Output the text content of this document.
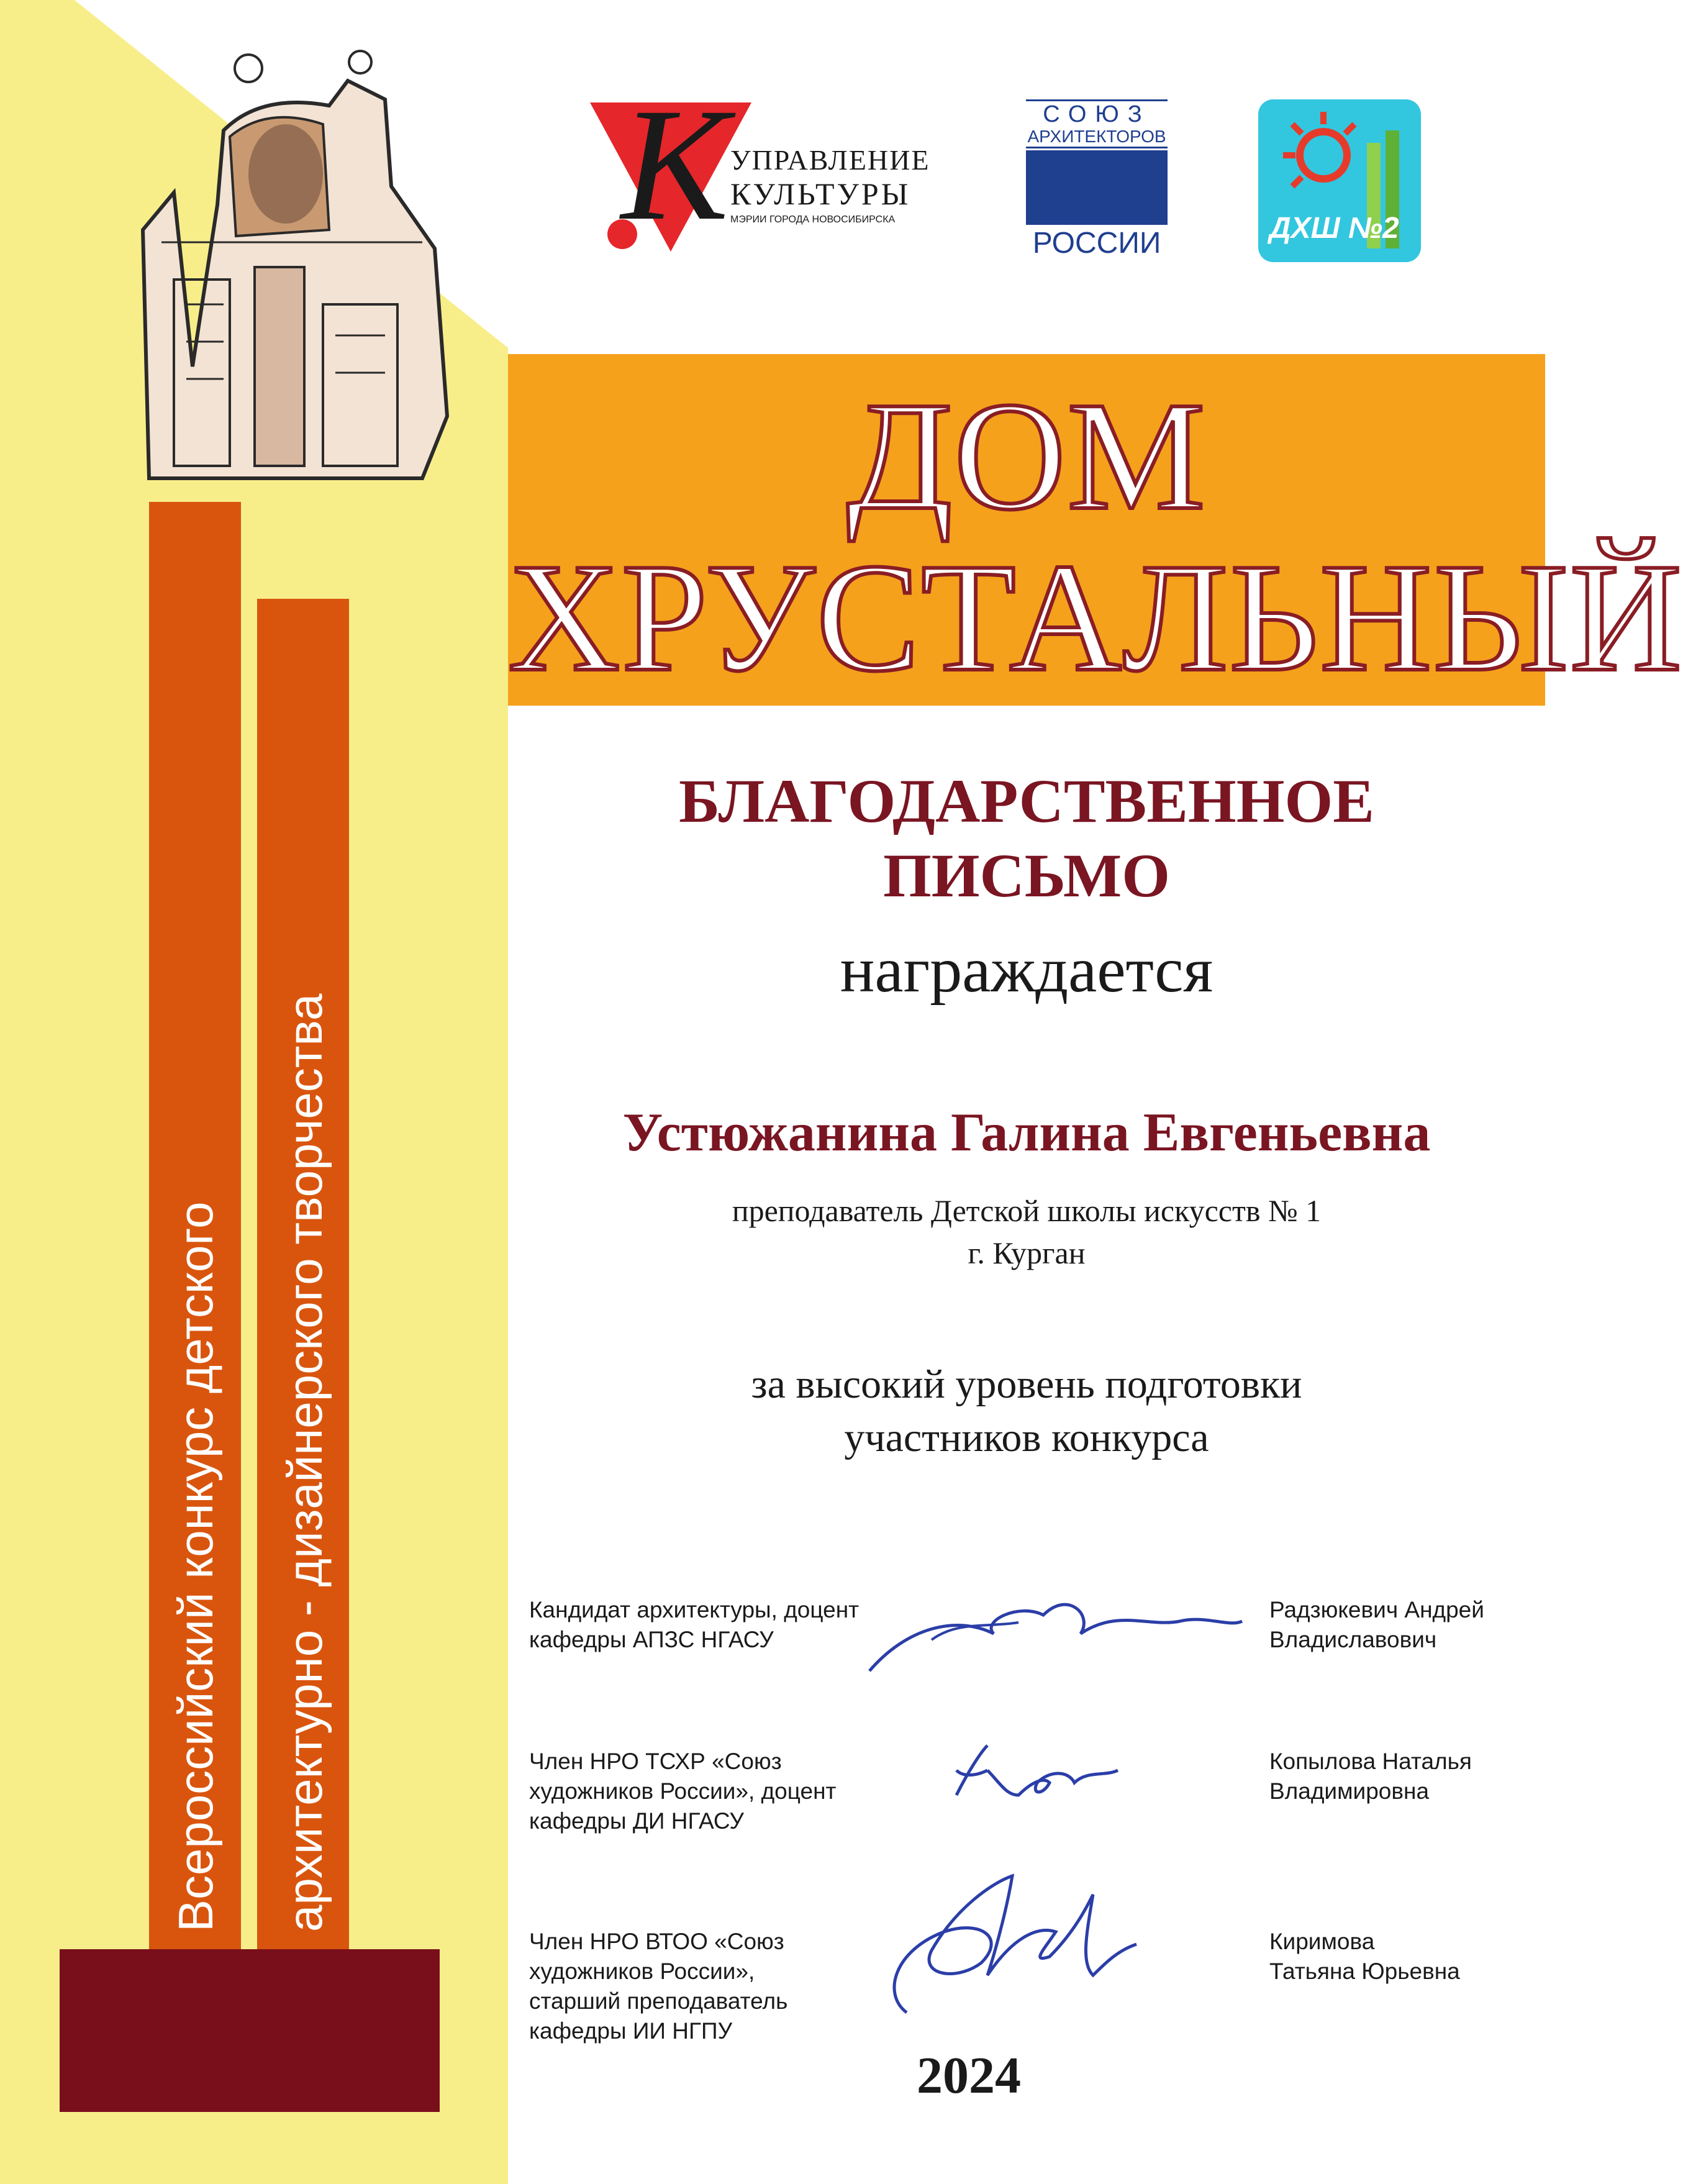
Всероссийский конкурс детского архитектурно - дизайнерского творчества
К УПРАВЛЕНИЕ
КУЛЬТУРЫ
МЭРИИ ГОРОДА НОВОСИБИРСКА
СОЮЗ
АРХИТЕКТОРОВ
РОССИИ	ДХШ №2
ДОМ
ХРУСТАЛЬНЫЙ
БЛАГОДАРСТВЕННОЕ
ПИСЬМО
награждается
Устюжанина Галина Евгеньевна
преподаватель Детской школы искусств № 1
г. Курган
за высокий уровень подготовки
участников конкурса
Кандидат архитектуры, доцент
кафедры АПЗС НГАСУ
Радзюкевич Андрей
Владиславович
Член НРО ТСХР «Союз
художников России», доцент
кафедры ДИ НГАСУ
Копылова Наталья
Владимировна
Член НРО ВТОО «Союз
художников России»,
старший преподаватель
кафедры ИИ НГПУ
Киримова
Татьяна Юрьевна
2024
